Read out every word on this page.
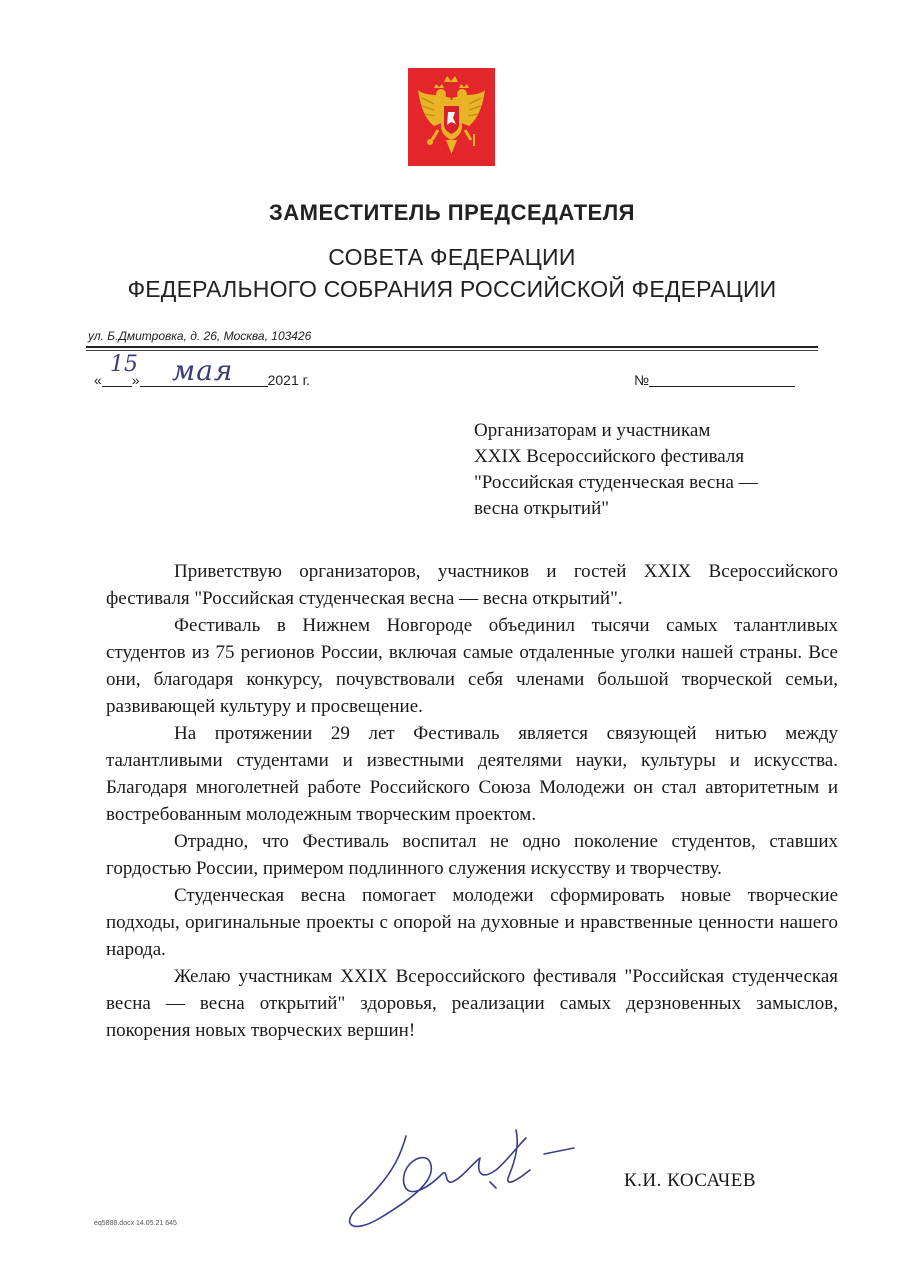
ЗАМЕСТИТЕЛЬ ПРЕДСЕДАТЕЛЯ
СОВЕТА ФЕДЕРАЦИИ
ФЕДЕРАЛЬНОГО СОБРАНИЯ РОССИЙСКОЙ ФЕДЕРАЦИИ
ул. Б.Дмитровка, д. 26, Москва, 103426
« »	2021 г.
15 мая	№
Организаторам и участникам
XXIX Всероссийского фестиваля
"Российская студенческая весна —
весна открытий"

Приветствую организаторов, участников и гостей XXIX Всероссийского фестиваля "Российская студенческая весна — весна открытий".

Фестиваль в Нижнем Новгороде объединил тысячи самых талантливых студентов из 75 регионов России, включая самые отдаленные уголки нашей страны. Все они, благодаря конкурсу, почувствовали себя членами большой творческой семьи, развивающей культуру и просвещение.

На протяжении 29 лет Фестиваль является связующей нитью между талантливыми студентами и известными деятелями науки, культуры и искусства. Благодаря многолетней работе Российского Союза Молодежи он стал авторитетным и востребованным молодежным творческим проектом.

Отрадно, что Фестиваль воспитал не одно поколение студентов, ставших гордостью России, примером подлинного служения искусству и творчеству.

Студенческая весна помогает молодежи сформировать новые творческие подходы, оригинальные проекты с опорой на духовные и нравственные ценности нашего народа.

Желаю участникам XXIX Всероссийского фестиваля "Российская студенческая весна — весна открытий" здоровья, реализации самых дерзновенных замыслов, покорения новых творческих вершин!

К.И. КОСАЧЕВ
eq5888.docx 14.05.21 645
